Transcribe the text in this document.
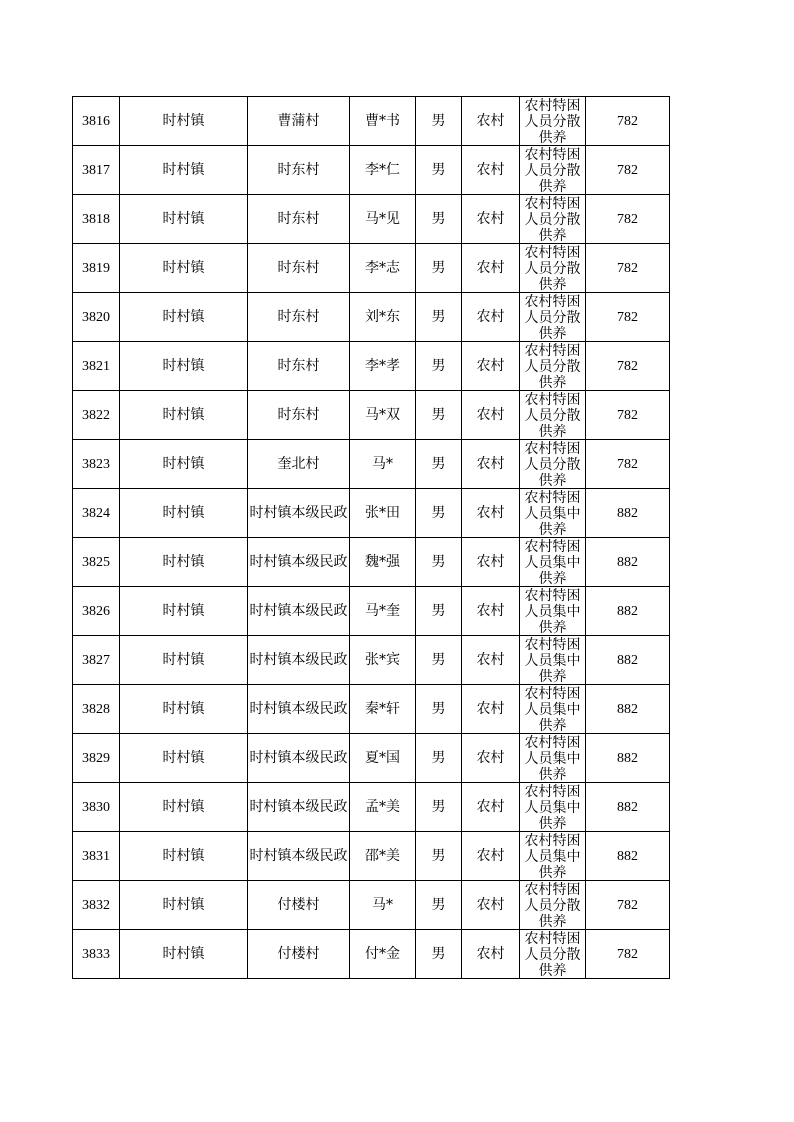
3816	时村镇	曹蒲村	曹*书	男	农村	农村特困人员分散供养	782
3817	时村镇	时东村	李*仁	男	农村	农村特困人员分散供养	782
3818	时村镇	时东村	马*见	男	农村	农村特困人员分散供养	782
3819	时村镇	时东村	李*志	男	农村	农村特困人员分散供养	782
3820	时村镇	时东村	刘*东	男	农村	农村特困人员分散供养	782
3821	时村镇	时东村	李*孝	男	农村	农村特困人员分散供养	782
3822	时村镇	时东村	马*双	男	农村	农村特困人员分散供养	782
3823	时村镇	奎北村	马*	男	农村	农村特困人员分散供养	782
3824	时村镇	时村镇本级民政	张*田	男	农村	农村特困人员集中供养	882
3825	时村镇	时村镇本级民政	魏*强	男	农村	农村特困人员集中供养	882
3826	时村镇	时村镇本级民政	马*奎	男	农村	农村特困人员集中供养	882
3827	时村镇	时村镇本级民政	张*宾	男	农村	农村特困人员集中供养	882
3828	时村镇	时村镇本级民政	秦*轩	男	农村	农村特困人员集中供养	882
3829	时村镇	时村镇本级民政	夏*国	男	农村	农村特困人员集中供养	882
3830	时村镇	时村镇本级民政	孟*美	男	农村	农村特困人员集中供养	882
3831	时村镇	时村镇本级民政	邵*美	男	农村	农村特困人员集中供养	882
3832	时村镇	付楼村	马*	男	农村	农村特困人员分散供养	782
3833	时村镇	付楼村	付*金	男	农村	农村特困人员分散供养	782
